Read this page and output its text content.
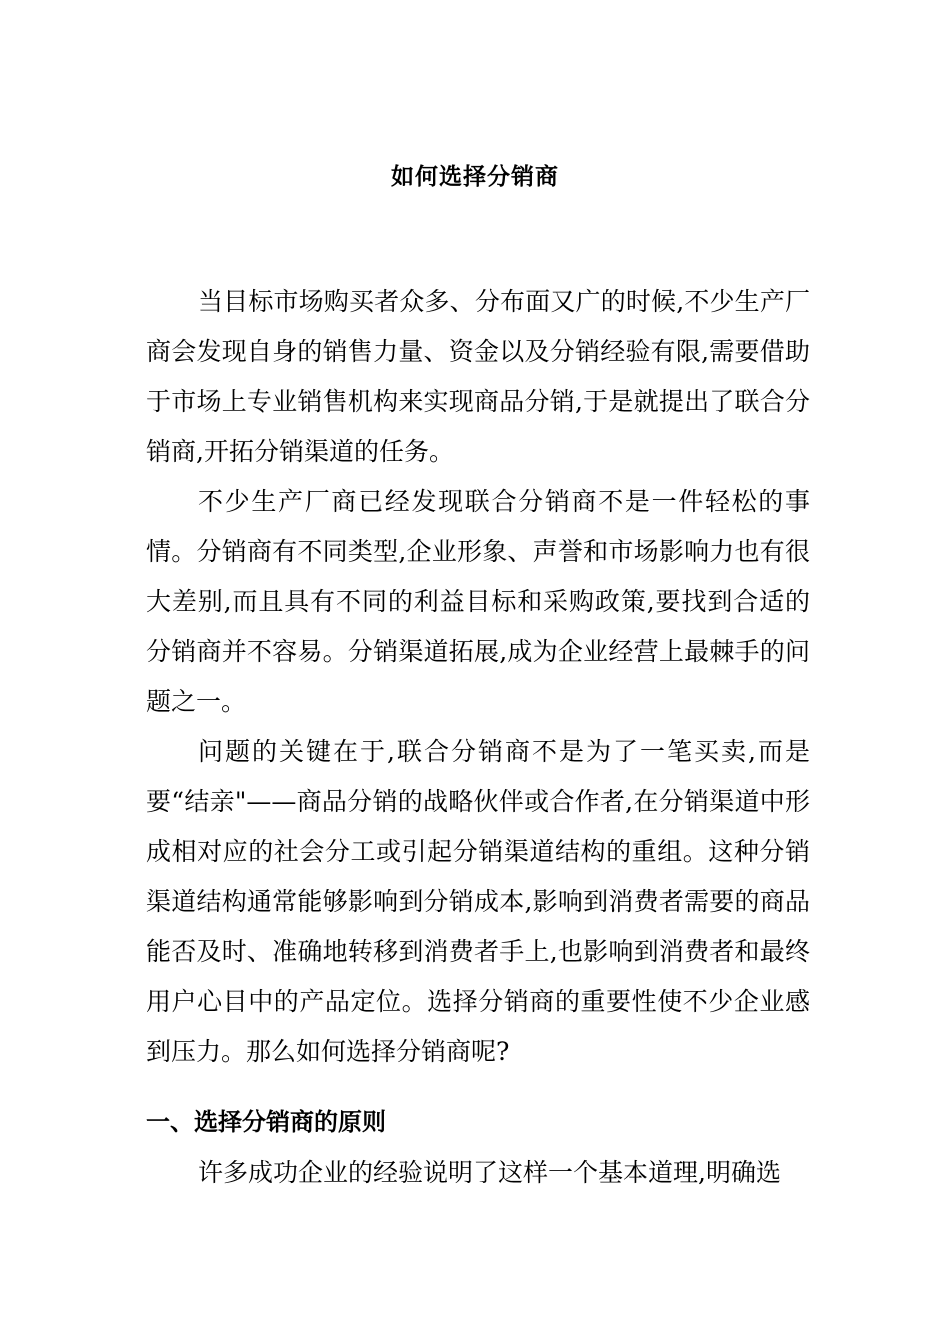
如何选择分销商

当目标市场购买者众多、分布面又广的时候,不少生产厂商会发现自身的销售力量、资金以及分销经验有限,需要借助于市场上专业销售机构来实现商品分销,于是就提出了联合分销商,开拓分销渠道的任务。

不少生产厂商已经发现联合分销商不是一件轻松的事情。分销商有不同类型,企业形象、声誉和市场影响力也有很大差别,而且具有不同的利益目标和采购政策,要找到合适的分销商并不容易。分销渠道拓展,成为企业经营上最棘手的问题之一。

问题的关键在于,联合分销商不是为了一笔买卖,而是要“结亲"——商品分销的战略伙伴或合作者,在分销渠道中形成相对应的社会分工或引起分销渠道结构的重组。这种分销渠道结构通常能够影响到分销成本,影响到消费者需要的商品能否及时、准确地转移到消费者手上,也影响到消费者和最终用户心目中的产品定位。选择分销商的重要性使不少企业感到压力。那么如何选择分销商呢?

一、选择分销商的原则

许多成功企业的经验说明了这样一个基本道理,明确选
